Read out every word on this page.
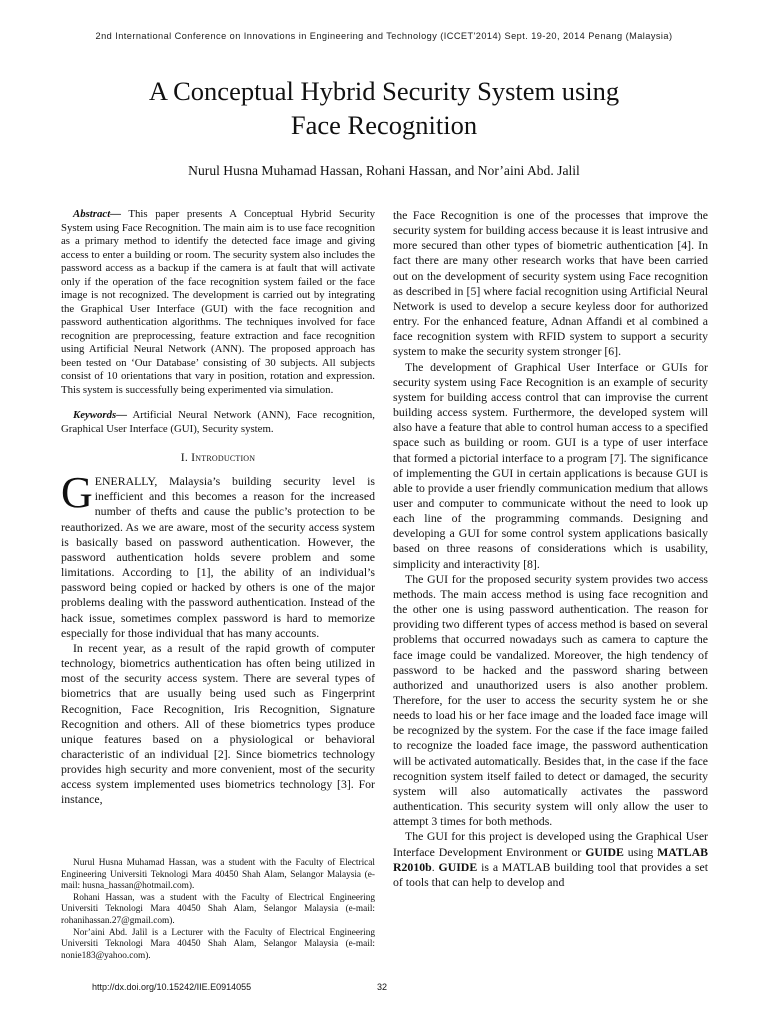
2nd International Conference on Innovations in Engineering and Technology (ICCET'2014) Sept. 19-20, 2014 Penang (Malaysia)
A Conceptual Hybrid Security System using
Face Recognition
Nurul Husna Muhamad Hassan, Rohani Hassan, and Nor’aini Abd. Jalil

Abstract— This paper presents A Conceptual Hybrid Security System using Face Recognition. The main aim is to use face recognition as a primary method to identify the detected face image and giving access to enter a building or room. The security system also includes the password access as a backup if the camera is at fault that will activate only if the operation of the face recognition system failed or the face image is not recognized. The development is carried out by integrating the Graphical User Interface (GUI) with the face recognition and password authentication algorithms. The techniques involved for face recognition are preprocessing, feature extraction and face recognition using Artificial Neural Network (ANN). The proposed approach has been tested on ‘Our Database’ consisting of 30 subjects. All subjects consist of 10 orientations that vary in position, rotation and expression. This system is successfully being experimented via simulation.

Keywords— Artificial Neural Network (ANN), Face recognition, Graphical User Interface (GUI), Security system.

I. Introduction

GENERALLY, Malaysia’s building security level is inefficient and this becomes a reason for the increased number of thefts and cause the public’s protection to be reauthorized. As we are aware, most of the security access system is basically based on password authentication. However, the password authentication holds severe problem and some limitations. According to [1], the ability of an individual’s password being copied or hacked by others is one of the major problems dealing with the password authentication. Instead of the hack issue, sometimes complex password is hard to memorize especially for those individual that has many accounts.

In recent year, as a result of the rapid growth of computer technology, biometrics authentication has often being utilized in most of the security access system. There are several types of biometrics that are usually being used such as Fingerprint Recognition, Face Recognition, Iris Recognition, Signature Recognition and others. All of these biometrics types produce unique features based on a physiological or behavioral characteristic of an individual [2]. Since biometrics technology provides high security and more convenient, most of the security access system implemented uses biometrics technology [3]. For instance,

Nurul Husna Muhamad Hassan, was a student with the Faculty of Electrical Engineering Universiti Teknologi Mara 40450 Shah Alam, Selangor Malaysia (e-mail: husna_hassan@hotmail.com).

Rohani Hassan, was a student with the Faculty of Electrical Engineering Universiti Teknologi Mara 40450 Shah Alam, Selangor Malaysia (e-mail: rohanihassan.27@gmail.com).

Nor’aini Abd. Jalil is a Lecturer with the Faculty of Electrical Engineering Universiti Teknologi Mara 40450 Shah Alam, Selangor Malaysia (e-mail: nonie183@yahoo.com).

the Face Recognition is one of the processes that improve the security system for building access because it is least intrusive and more secured than other types of biometric authentication [4]. In fact there are many other research works that have been carried out on the development of security system using Face recognition as described in [5] where facial recognition using Artificial Neural Network is used to develop a secure keyless door for authorized entry. For the enhanced feature, Adnan Affandi et al combined a face recognition system with RFID system to support a security system to make the security system stronger [6].

The development of Graphical User Interface or GUIs for security system using Face Recognition is an example of security system for building access control that can improvise the current building access system. Furthermore, the developed system will also have a feature that able to control human access to a specified space such as building or room. GUI is a type of user interface that formed a pictorial interface to a program [7]. The significance of implementing the GUI in certain applications is because GUI is able to provide a user friendly communication medium that allows user and computer to communicate without the need to look up each line of the programming commands. Designing and developing a GUI for some control system applications basically based on three reasons of considerations which is usability, simplicity and interactivity [8].

The GUI for the proposed security system provides two access methods. The main access method is using face recognition and the other one is using password authentication. The reason for providing two different types of access method is based on several problems that occurred nowadays such as camera to capture the face image could be vandalized. Moreover, the high tendency of password to be hacked and the password sharing between authorized and unauthorized users is also another problem. Therefore, for the user to access the security system he or she needs to load his or her face image and the loaded face image will be recognized by the system. For the case if the face image failed to recognize the loaded face image, the password authentication will be activated automatically. Besides that, in the case if the face recognition system itself failed to detect or damaged, the security system will also automatically activates the password authentication. This security system will only allow the user to attempt 3 times for both methods.

The GUI for this project is developed using the Graphical User Interface Development Environment or GUIDE using MATLAB R2010b. GUIDE is a MATLAB building tool that provides a set of tools that can help to develop and

http://dx.doi.org/10.15242/IIE.E0914055	32
